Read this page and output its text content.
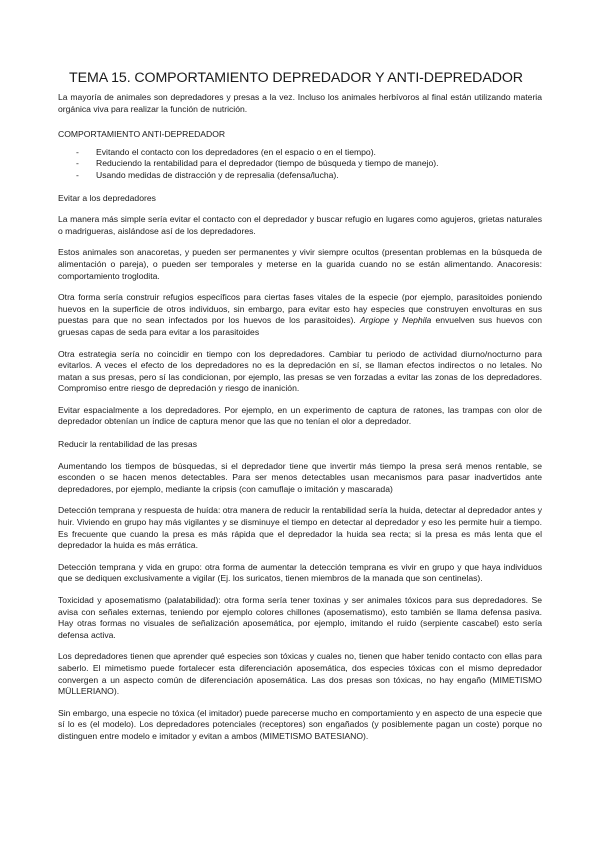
TEMA 15. COMPORTAMIENTO DEPREDADOR Y ANTI-DEPREDADOR

La mayoría de animales son depredadores y presas a la vez. Incluso los animales herbívoros al final están utilizando materia orgánica viva para realizar la función de nutrición.

COMPORTAMIENTO ANTI-DEPREDADOR

- Evitando el contacto con los depredadores (en el espacio o en el tiempo).
- Reduciendo la rentabilidad para el depredador (tiempo de búsqueda y tiempo de manejo).
- Usando medidas de distracción y de represalia (defensa/lucha).

Evitar a los depredadores

La manera más simple sería evitar el contacto con el depredador y buscar refugio en lugares como agujeros, grietas naturales o madrigueras, aislándose así de los depredadores.

Estos animales son anacoretas, y pueden ser permanentes y vivir siempre ocultos (presentan problemas en la búsqueda de alimentación o pareja), o pueden ser temporales y meterse en la guarida cuando no se están alimentando. Anacoresis: comportamiento troglodita.

Otra forma sería construir refugios específicos para ciertas fases vitales de la especie (por ejemplo, parasitoides poniendo huevos en la superficie de otros individuos, sin embargo, para evitar esto hay especies que construyen envolturas en sus puestas para que no sean infectados por los huevos de los parasitoides). Argiope y Nephila envuelven sus huevos con gruesas capas de seda para evitar a los parasitoides

Otra estrategia sería no coincidir en tiempo con los depredadores. Cambiar tu periodo de actividad diurno/nocturno para evitarlos. A veces el efecto de los depredadores no es la depredación en sí, se llaman efectos indirectos o no letales. No matan a sus presas, pero sí las condicionan, por ejemplo, las presas se ven forzadas a evitar las zonas de los depredadores. Compromiso entre riesgo de depredación y riesgo de inanición.

Evitar espacialmente a los depredadores. Por ejemplo, en un experimento de captura de ratones, las trampas con olor de depredador obtenían un índice de captura menor que las que no tenían el olor a depredador.

Reducir la rentabilidad de las presas

Aumentando los tiempos de búsquedas, si el depredador tiene que invertir más tiempo la presa será menos rentable, se esconden o se hacen menos detectables. Para ser menos detectables usan mecanismos para pasar inadvertidos ante depredadores, por ejemplo, mediante la cripsis (con camuflaje o imitación y mascarada)

Detección temprana y respuesta de huída: otra manera de reducir la rentabilidad sería la huida, detectar al depredador antes y huir. Viviendo en grupo hay más vigilantes y se disminuye el tiempo en detectar al depredador y eso les permite huir a tiempo. Es frecuente que cuando la presa es más rápida que el depredador la huida sea recta; si la presa es más lenta que el depredador la huida es más errática.

Detección temprana y vida en grupo: otra forma de aumentar la detección temprana es vivir en grupo y que haya individuos que se dediquen exclusivamente a vigilar (Ej. los suricatos, tienen miembros de la manada que son centinelas).

Toxicidad y aposematismo (palatabilidad): otra forma sería tener toxinas y ser animales tóxicos para sus depredadores. Se avisa con señales externas, teniendo por ejemplo colores chillones (aposematismo), esto también se llama defensa pasiva. Hay otras formas no visuales de señalización aposemática, por ejemplo, imitando el ruido (serpiente cascabel) esto sería defensa activa.

Los depredadores tienen que aprender qué especies son tóxicas y cuales no, tienen que haber tenido contacto con ellas para saberlo. El mimetismo puede fortalecer esta diferenciación aposemática, dos especies tóxicas con el mismo depredador convergen a un aspecto común de diferenciación aposemática. Las dos presas son tóxicas, no hay engaño (MIMETISMO MÜLLERIANO).

Sin embargo, una especie no tóxica (el imitador) puede parecerse mucho en comportamiento y en aspecto de una especie que sí lo es (el modelo). Los depredadores potenciales (receptores) son engañados (y posiblemente pagan un coste) porque no distinguen entre modelo e imitador y evitan a ambos (MIMETISMO BATESIANO).
